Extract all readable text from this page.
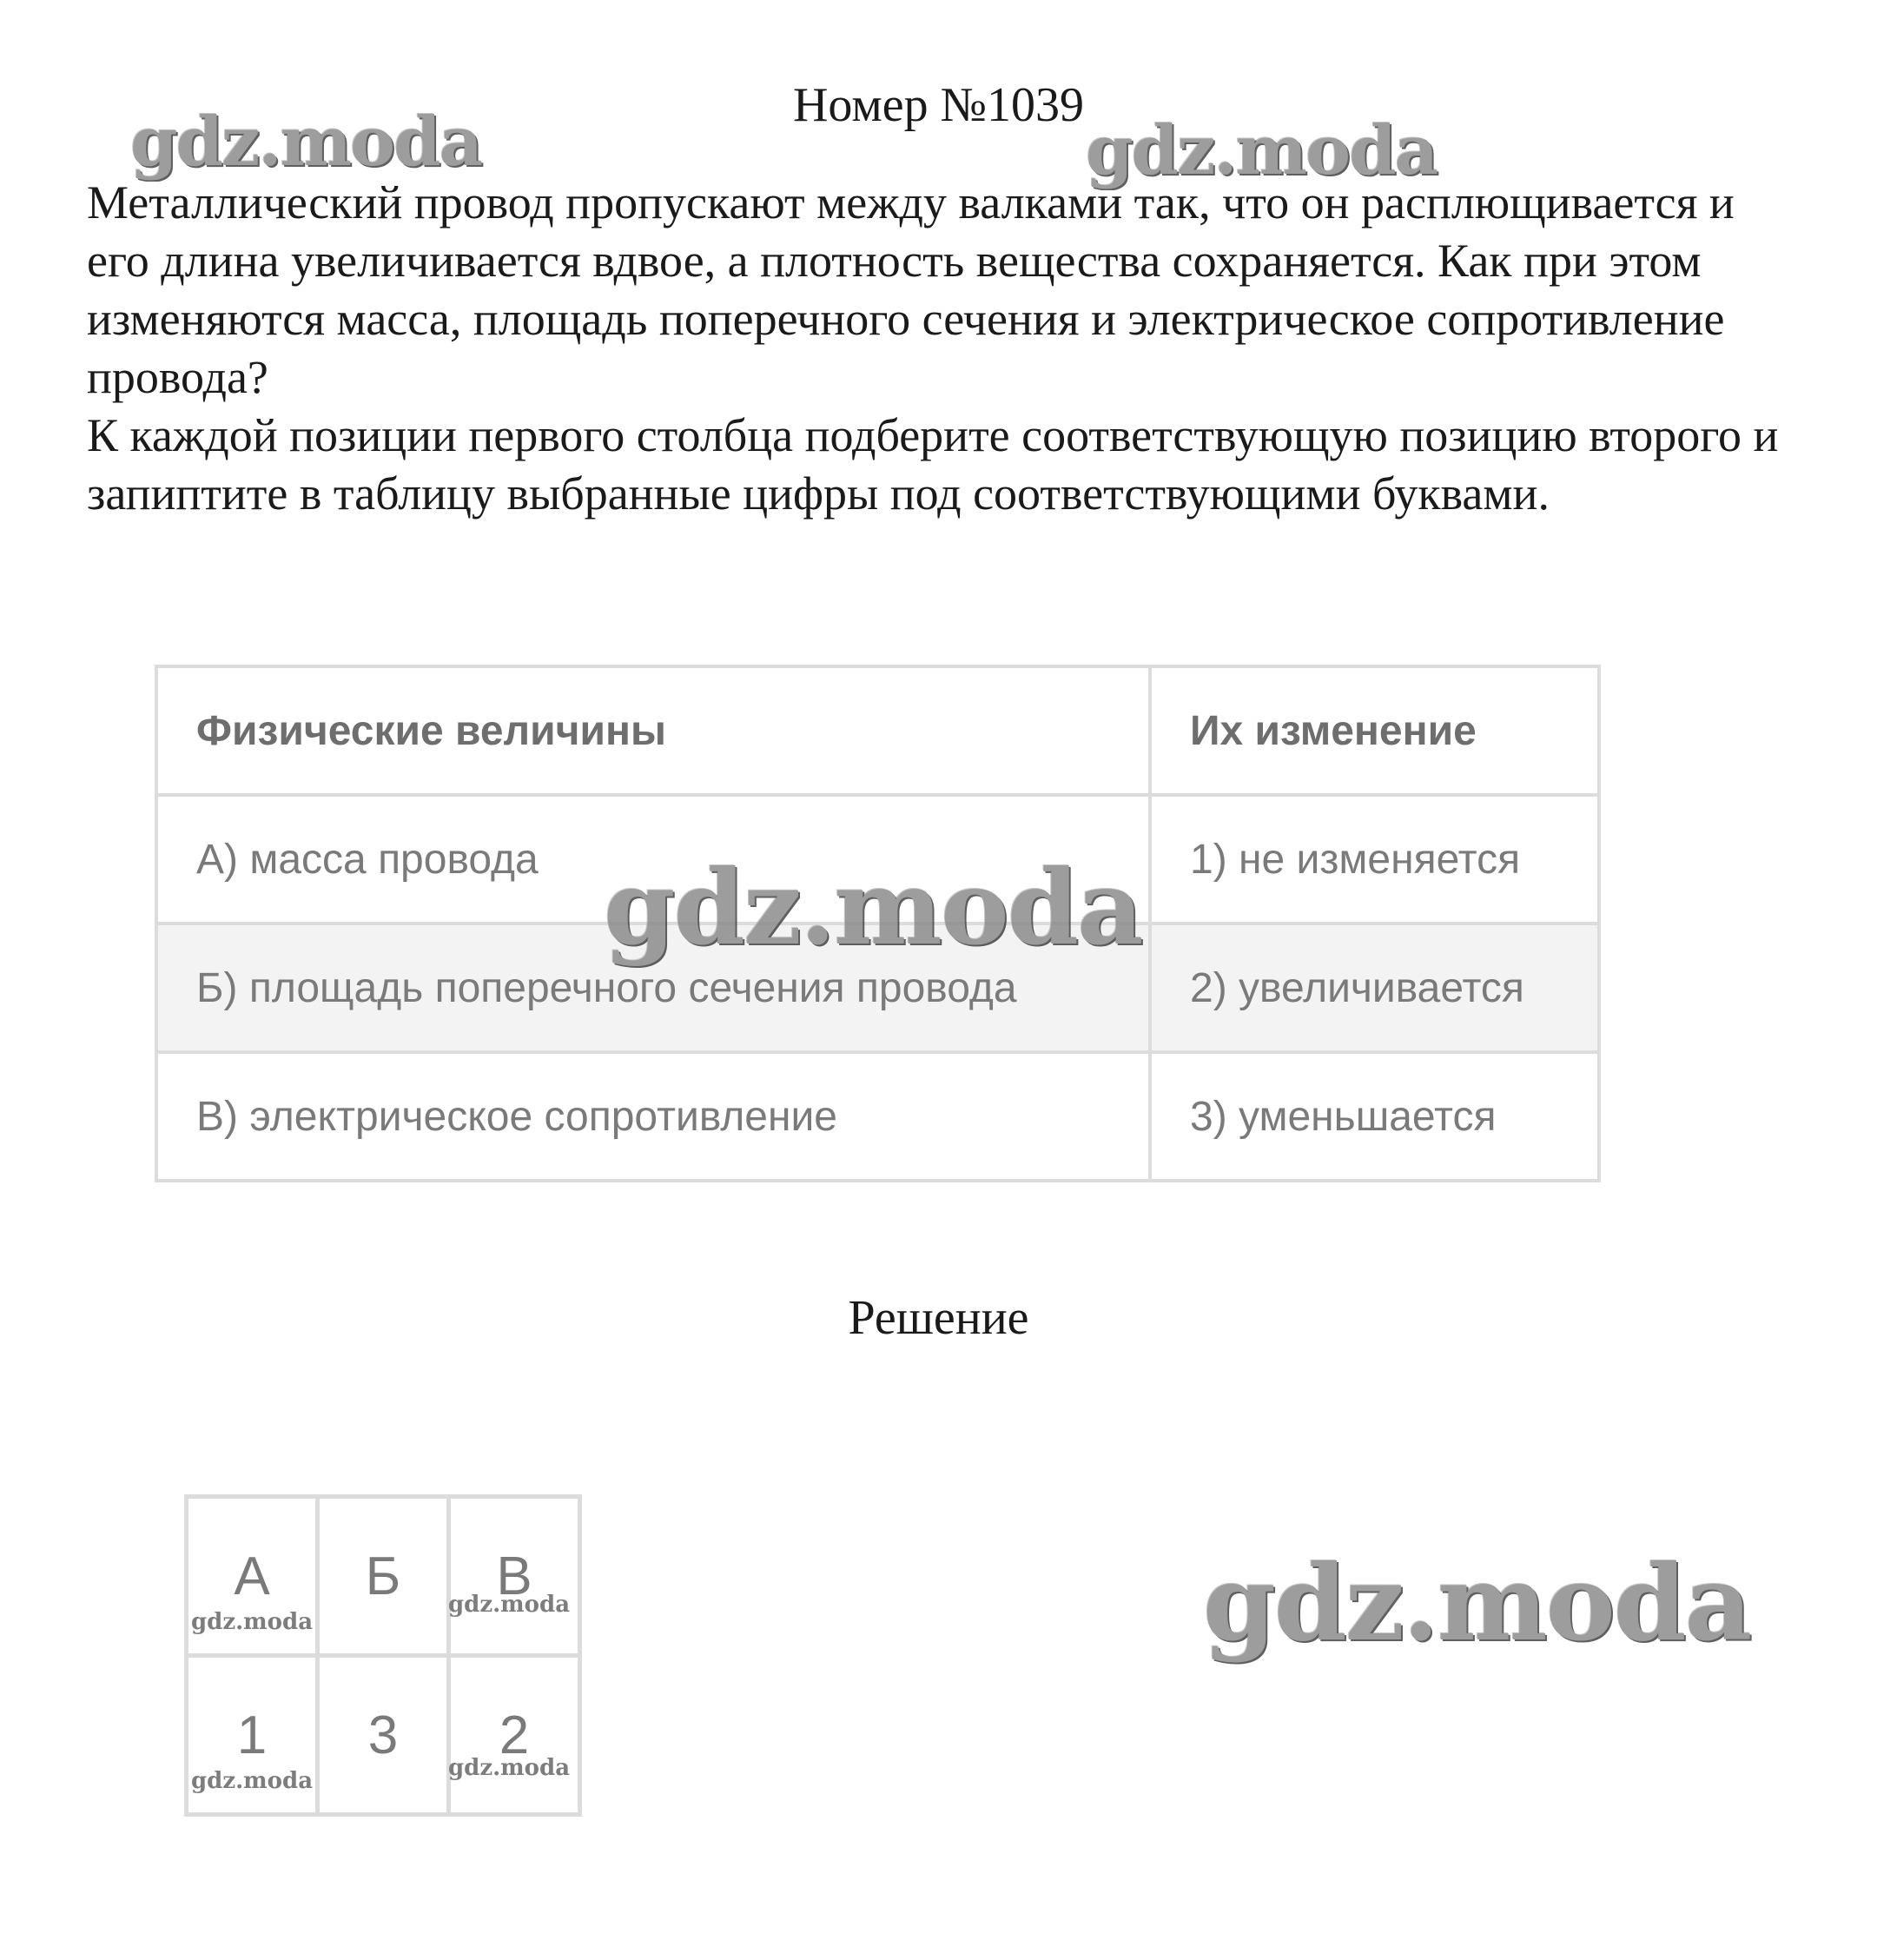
Номер №1039

Металлический провод пропускают между валками так, что он расплющивается и его длина увеличивается вдвое, а плотность вещества сохраняется. Как при этом изменяются масса, площадь поперечного сечения и электрическое сопротивление провода?

К каждой позиции первого столбца подберите соответствующую позицию второго и запиптите в таблицу выбранные цифры под соответствующими буквами.

Физические величины	Их изменение
А) масса провода	1) не изменяется
Б) площадь поперечного сечения провода	2) увеличивается
В) электрическое сопротивление	3) уменьшается
Решение
А	Б	В
1	3	2
gdz.moda	gdz.moda
gdz.moda
gdz.moda
gdz.moda
gdz.moda
gdz.moda	gdz.moda
